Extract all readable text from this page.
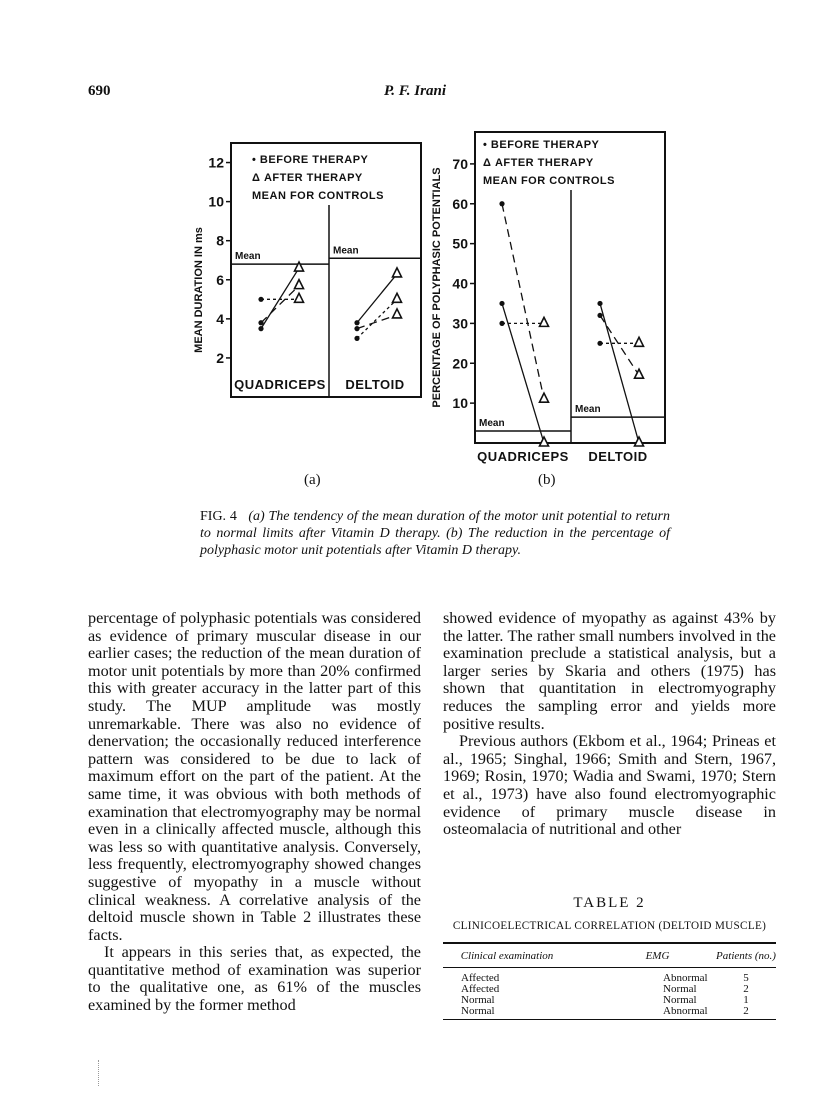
690	P. F. Irani
2
4
6
8
10
12
MEAN DURATION IN ms
• BEFORE THERAPY
Δ AFTER THERAPY
MEAN FOR CONTROLS
Mean
QUADRICEPS
Mean
DELTOID
(a)
10
20
30
40
50
60
70
PERCENTAGE OF POLYPHASIC POTENTIALS
• BEFORE THERAPY
Δ AFTER THERAPY
MEAN FOR CONTROLS
Mean
QUADRICEPS
Mean
DELTOID
(b)
FIG. 4 (a) The tendency of the mean duration of the motor unit potential to return to normal limits after Vitamin D therapy. (b) The reduction in the percentage of polyphasic motor unit potentials after Vitamin D therapy.

percentage of polyphasic potentials was considered as evidence of primary muscular disease in our earlier cases; the reduction of the mean duration of motor unit potentials by more than 20% confirmed this with greater accuracy in the latter part of this study. The MUP amplitude was mostly unremarkable. There was also no evidence of denervation; the occasionally reduced interference pattern was considered to be due to lack of maximum effort on the part of the patient. At the same time, it was obvious with both methods of examination that electromyography may be normal even in a clinically affected muscle, although this was less so with quantitative analysis. Conversely, less frequently, electromyography showed changes suggestive of myopathy in a muscle without clinical weakness. A correlative analysis of the deltoid muscle shown in Table 2 illustrates these facts.

It appears in this series that, as expected, the quantitative method of examination was superior to the qualitative one, as 61% of the muscles examined by the former method

showed evidence of myopathy as against 43% by the latter. The rather small numbers involved in the examination preclude a statistical analysis, but a larger series by Skaria and others (1975) has shown that quantitation in electromyography reduces the sampling error and yields more positive results.

Previous authors (Ekbom et al., 1964; Prineas et al., 1965; Singhal, 1966; Smith and Stern, 1967, 1969; Rosin, 1970; Wadia and Swami, 1970; Stern et al., 1973) have also found electromyographic evidence of primary muscle disease in osteomalacia of nutritional and other

TABLE 2
CLINICOELECTRICAL CORRELATION (DELTOID MUSCLE)
Clinical examination	EMG	Patients (no.)
Affected	Abnormal	5
Affected	Normal	2
Normal	Normal	1
Normal	Abnormal	2
